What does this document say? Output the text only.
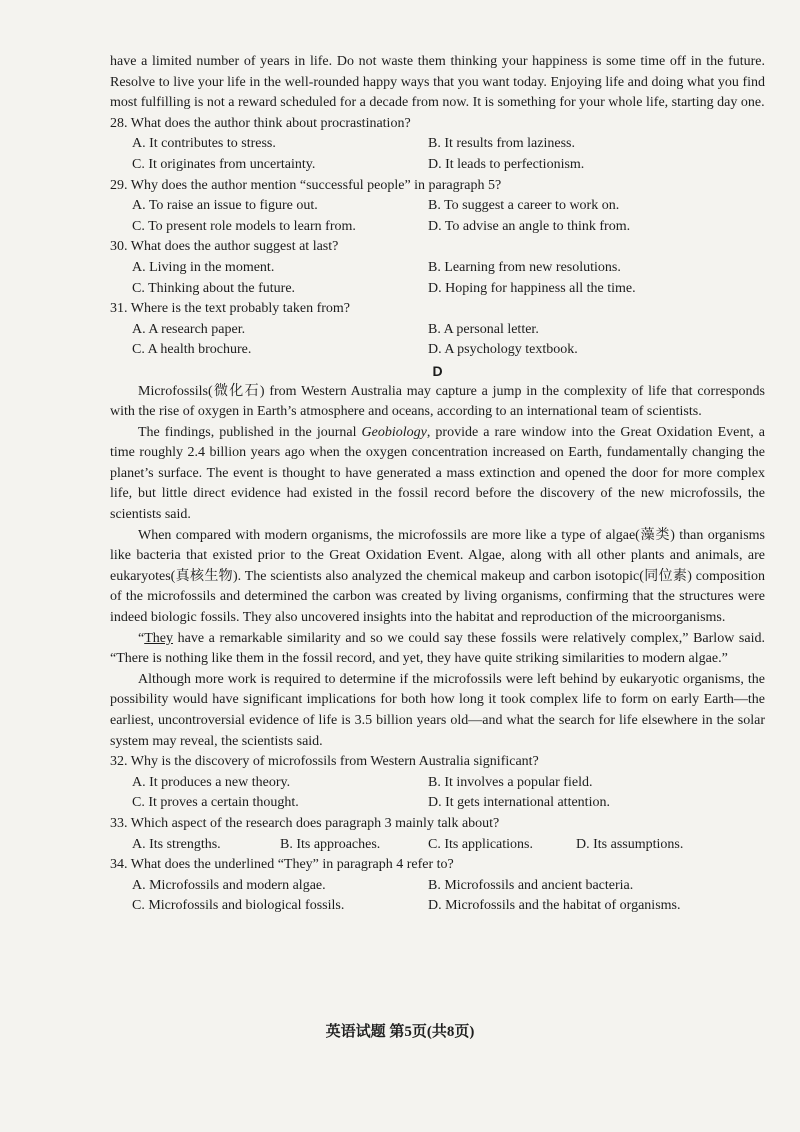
have a limited number of years in life. Do not waste them thinking your happiness is some time off in the future. Resolve to live your life in the well-rounded happy ways that you want today. Enjoying life and doing what you find most fulfilling is not a reward scheduled for a decade from now. It is something for your whole life, starting day one.

28. What does the author think about procrastination?

A. It contributes to stress.	B. It results from laziness.
C. It originates from uncertainty.	D. It leads to perfectionism.

29. Why does the author mention “successful people” in paragraph 5?

A. To raise an issue to figure out.	B. To suggest a career to work on.
C. To present role models to learn from.	D. To advise an angle to think from.

30. What does the author suggest at last?

A. Living in the moment.	B. Learning from new resolutions.
C. Thinking about the future.	D. Hoping for happiness all the time.

31. Where is the text probably taken from?

A. A research paper.	B. A personal letter.
C. A health brochure.	D. A psychology textbook.

D

Microfossils(微化石) from Western Australia may capture a jump in the complexity of life that corresponds with the rise of oxygen in Earth’s atmosphere and oceans, according to an international team of scientists.

The findings, published in the journal Geobiology, provide a rare window into the Great Oxidation Event, a time roughly 2.4 billion years ago when the oxygen concentration increased on Earth, fundamentally changing the planet’s surface. The event is thought to have generated a mass extinction and opened the door for more complex life, but little direct evidence had existed in the fossil record before the discovery of the new microfossils, the scientists said.

When compared with modern organisms, the microfossils are more like a type of algae(藻类) than organisms like bacteria that existed prior to the Great Oxidation Event. Algae, along with all other plants and animals, are eukaryotes(真核生物). The scientists also analyzed the chemical makeup and carbon isotopic(同位素) composition of the microfossils and determined the carbon was created by living organisms, confirming that the structures were indeed biologic fossils. They also uncovered insights into the habitat and reproduction of the microorganisms.

“They have a remarkable similarity and so we could say these fossils were relatively complex,” Barlow said. “There is nothing like them in the fossil record, and yet, they have quite striking similarities to modern algae.”

Although more work is required to determine if the microfossils were left behind by eukaryotic organisms, the possibility would have significant implications for both how long it took complex life to form on early Earth—the earliest, uncontroversial evidence of life is 3.5 billion years old—and what the search for life elsewhere in the solar system may reveal, the scientists said.

32. Why is the discovery of microfossils from Western Australia significant?

A. It produces a new theory.	B. It involves a popular field.
C. It proves a certain thought.	D. It gets international attention.

33. Which aspect of the research does paragraph 3 mainly talk about?

A. Its strengths.	B. Its approaches.	C. Its applications.	D. Its assumptions.

34. What does the underlined “They” in paragraph 4 refer to?

A. Microfossils and modern algae.	B. Microfossils and ancient bacteria.
C. Microfossils and biological fossils.	D. Microfossils and the habitat of organisms.
英语试题 第5页(共8页)
